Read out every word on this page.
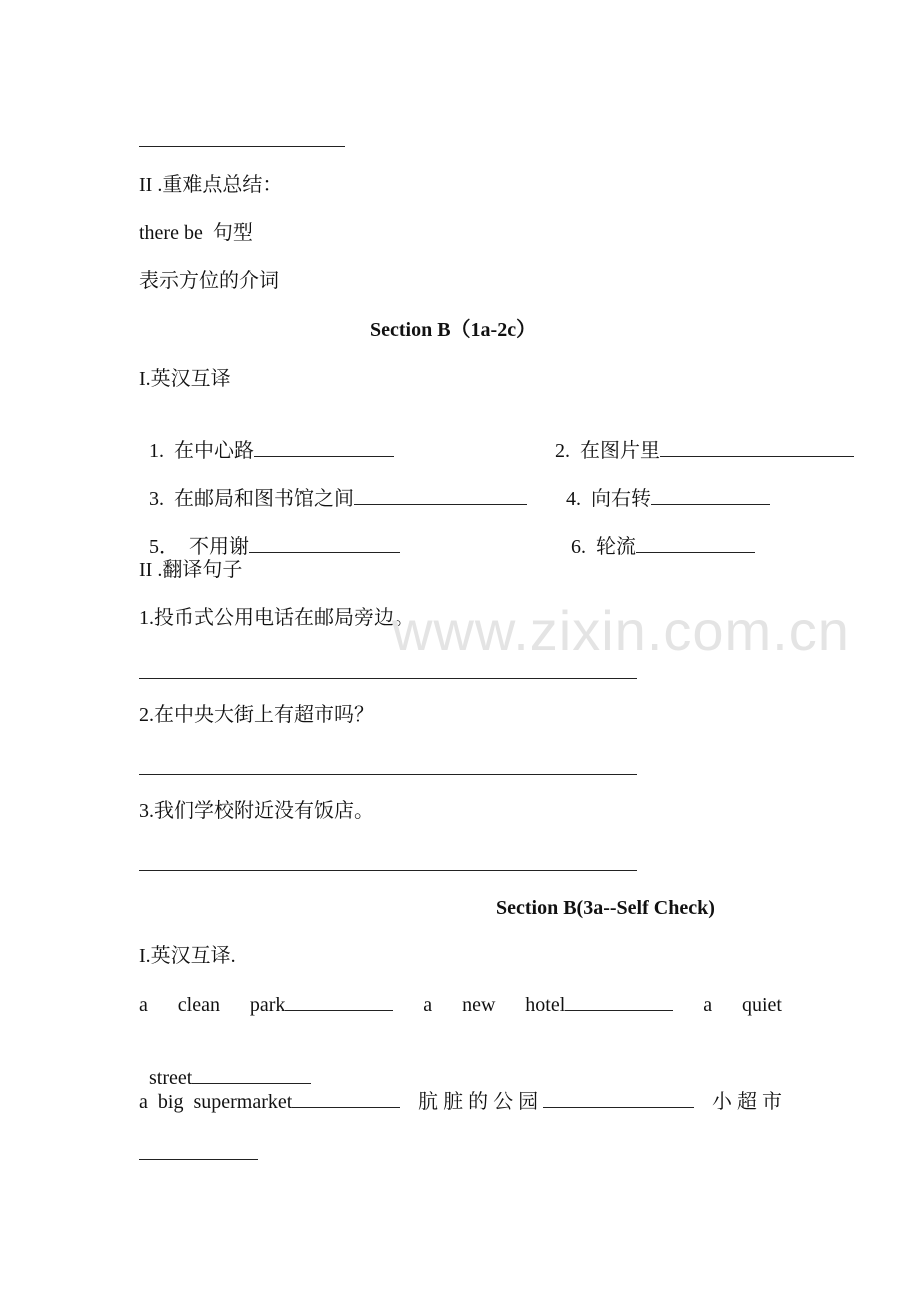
II .重难点总结：
there be  句型
表示方位的介词
Section B（1a-2c）
I.英汉互译

1. 在中心路	2. 在图片里

3. 在邮局和图书馆之间	4. 向右转

5． 不用谢	6. 轮流

II .翻译句子
1.投币式公用电话在邮局旁边。
2.在中央大街上有超市吗？
3.我们学校附近没有饭店。
Section B(3a--Self Check)
I.英汉互译.
a clean park	a new hotel	a quiet

street

a big supermarket	肮 脏 的 公 园	小 超 市
www.zixin.com.cn
